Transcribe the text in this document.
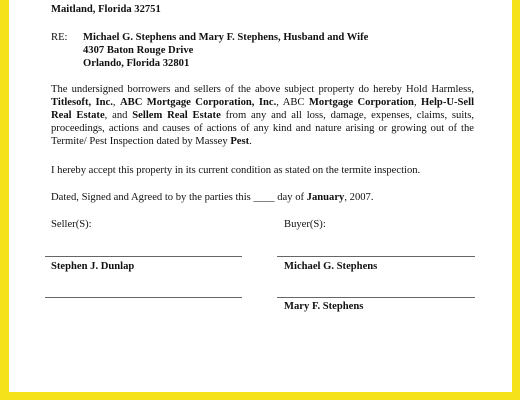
Maitland, Florida 32751
RE: Michael G. Stephens and Mary F. Stephens, Husband and Wife
4307 Baton Rouge Drive
Orlando, Florida 32801
The undersigned borrowers and sellers of the above subject property do hereby Hold Harmless, Titlesoft, Inc., ABC Mortgage Corporation, Inc., ABC Mortgage Corporation, Help-U-Sell Real Estate, and Sellem Real Estate from any and all loss, damage, expenses, claims, suits, proceedings, actions and causes of actions of any kind and nature arising or growing out of the Termite/ Pest Inspection dated by Massey Pest.
I hereby accept this property in its current condition as stated on the termite inspection.
Dated, Signed and Agreed to by the parties this ____ day of January, 2007.
Seller(S):	Buyer(S):
Stephen J. Dunlap	Michael G. Stephens
Mary F. Stephens
